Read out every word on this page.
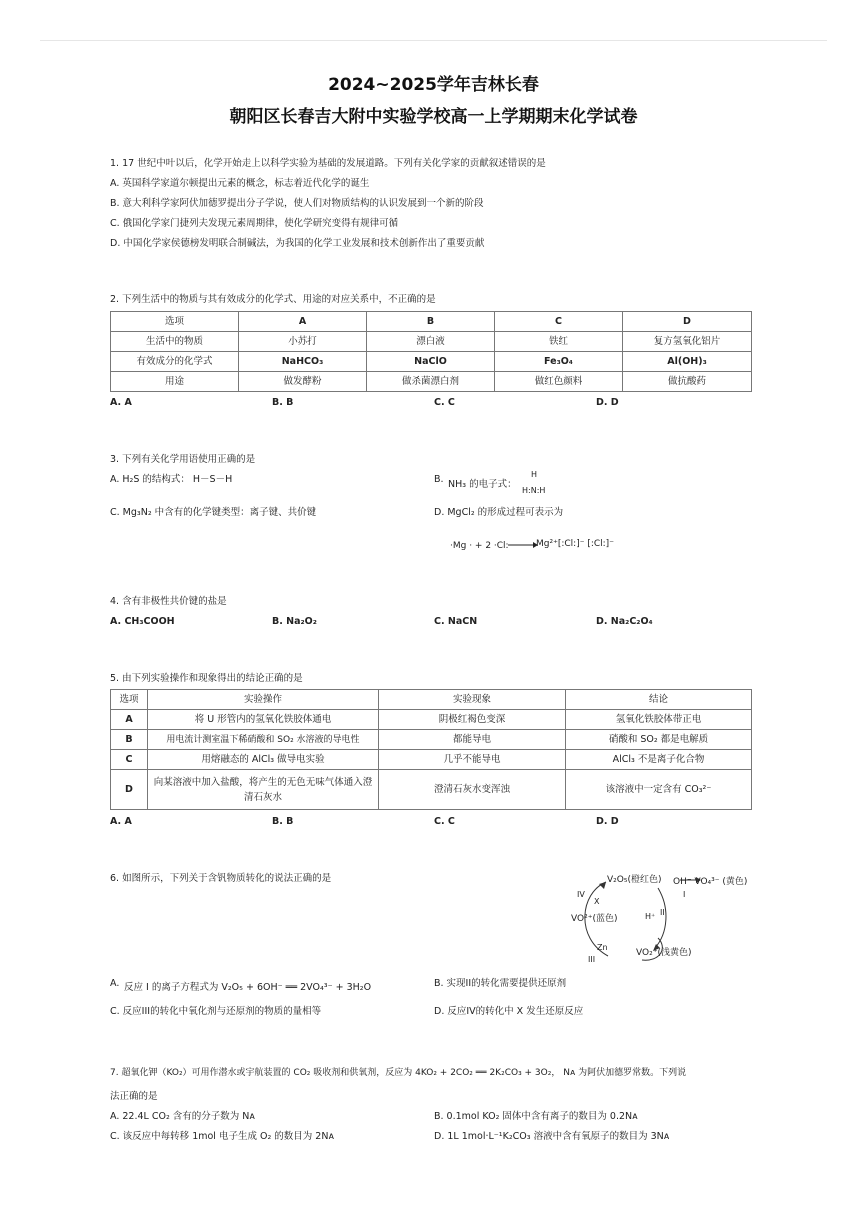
2024~2025学年吉林长春
朝阳区长春吉大附中实验学校高一上学期期末化学试卷
1. 17 世纪中叶以后，化学开始走上以科学实验为基础的发展道路。下列有关化学家的贡献叙述错误的是
A. 英国科学家道尔顿提出元素的概念，标志着近代化学的诞生
B. 意大利科学家阿伏加德罗提出分子学说，使人们对物质结构的认识发展到一个新的阶段
C. 俄国化学家门捷列夫发现元素周期律，使化学研究变得有规律可循
D. 中国化学家侯德榜发明联合制碱法，为我国的化学工业发展和技术创新作出了重要贡献
2. 下列生活中的物质与其有效成分的化学式、用途的对应关系中，不正确的是
选项	A	B	C	D
生活中的物质	小苏打	漂白液	铁红	复方氢氧化铝片
有效成分的化学式	NaHCO₃	NaClO	Fe₃O₄	Al(OH)₃
用途	做发酵粉	做杀菌漂白剂	做红色颜料	做抗酸药
A. A	B. B	C. C	D. D
3. 下列有关化学用语使用正确的是
A. H₂S 的结构式： H－S－H	B. NH₃ 的电子式：
H
H:N:H
C. Mg₃N₂ 中含有的化学键类型：离子键、共价键	D. MgCl₂ 的形成过程可表示为
·Mg · + 2 ·Cl: →
Mg²⁺[:Cl:]⁻ [:Cl:]⁻
4. 含有非极性共价键的盐是
A. CH₃COOH	B. Na₂O₂	C. NaCN	D. Na₂C₂O₄
5. 由下列实验操作和现象得出的结论正确的是
选项	实验操作	实验现象	结论
A	将 U 形管内的氢氧化铁胶体通电	阴极红褐色变深	氢氧化铁胶体带正电
B	用电流计测室温下稀硝酸和 SO₂ 水溶液的导电性	都能导电	硝酸和 SO₂ 都是电解质
C	用熔融态的 AlCl₃ 做导电实验	几乎不能导电	AlCl₃ 不是离子化合物
D	向某溶液中加入盐酸，将产生的无色无味气体通入澄清石灰水	澄清石灰水变浑浊	该溶液中一定含有 CO₃²⁻
A. A	B. B	C. C	D. D
6. 如图所示，下列关于含钒物质转化的说法正确的是	V₂O₅(橙红色) OH⁻ VO₄³⁻ (黄色)
VO²⁺(蓝色)
VO₂⁺(浅黄色)
I
II
III
IV
X
H⁺
Zn
A. 反应 I 的离子方程式为 V₂O₅ + 6OH⁻ ══ 2VO₄³⁻ + 3H₂O	B. 实现II的转化需要提供还原剂
C. 反应III的转化中氧化剂与还原剂的物质的量相等	D. 反应IV的转化中 X 发生还原反应
7. 超氧化钾（KO₂）可用作潜水或宇航装置的 CO₂ 吸收剂和供氧剂，反应为 4KO₂ + 2CO₂ ══ 2K₂CO₃ + 3O₂， Nᴀ 为阿伏加德罗常数。下列说
法正确的是
A. 22.4L CO₂ 含有的分子数为 Nᴀ	B. 0.1mol KO₂ 固体中含有离子的数目为 0.2Nᴀ
C. 该反应中每转移 1mol 电子生成 O₂ 的数目为 2Nᴀ	D. 1L 1mol·L⁻¹K₂CO₃ 溶液中含有氧原子的数目为 3Nᴀ
